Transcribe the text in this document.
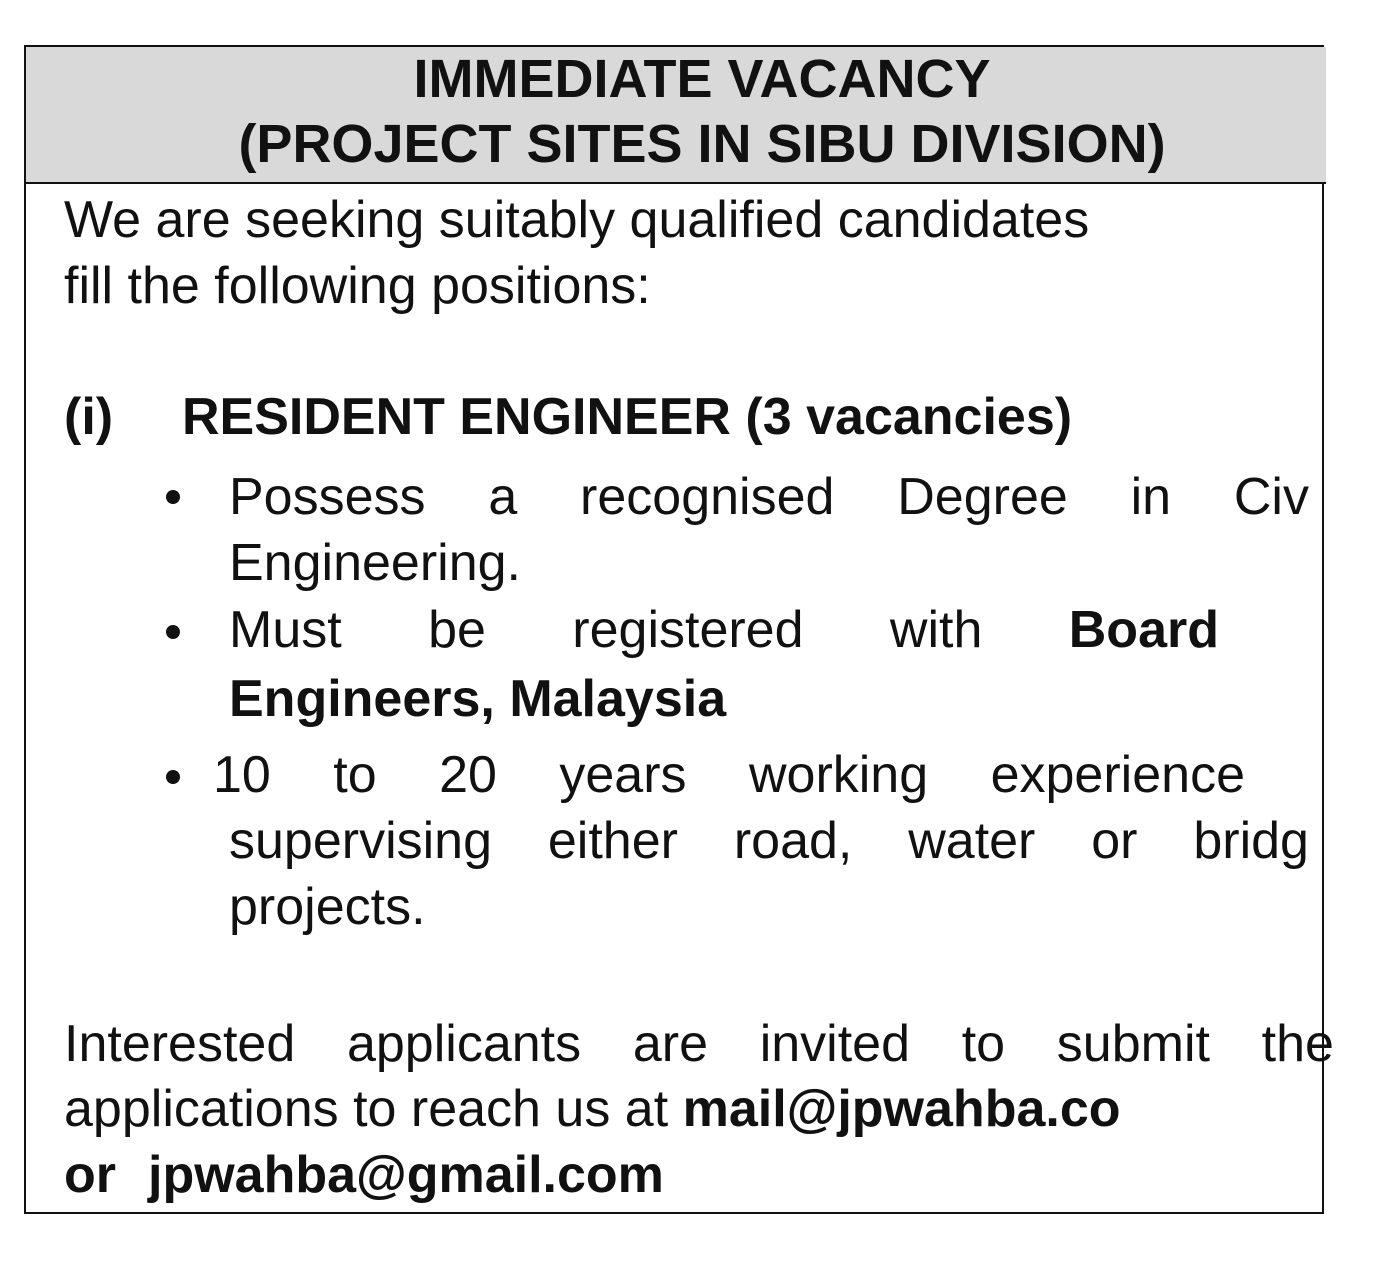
IMMEDIATE VACANCY
(PROJECT SITES IN SIBU DIVISION)
We are seeking suitably qualified candidates
fill the following positions:
(i) RESIDENT ENGINEER (3 vacancies)
Possess a recognised Degree in Civ
Engineering.
Must be registered with Board
Engineers, Malaysia
10 to 20 years working experience
supervising either road, water or bridg
projects.
Interested applicants are invited to submit the
applications to reach us at mail@jpwahba.co
or jpwahba@gmail.com
